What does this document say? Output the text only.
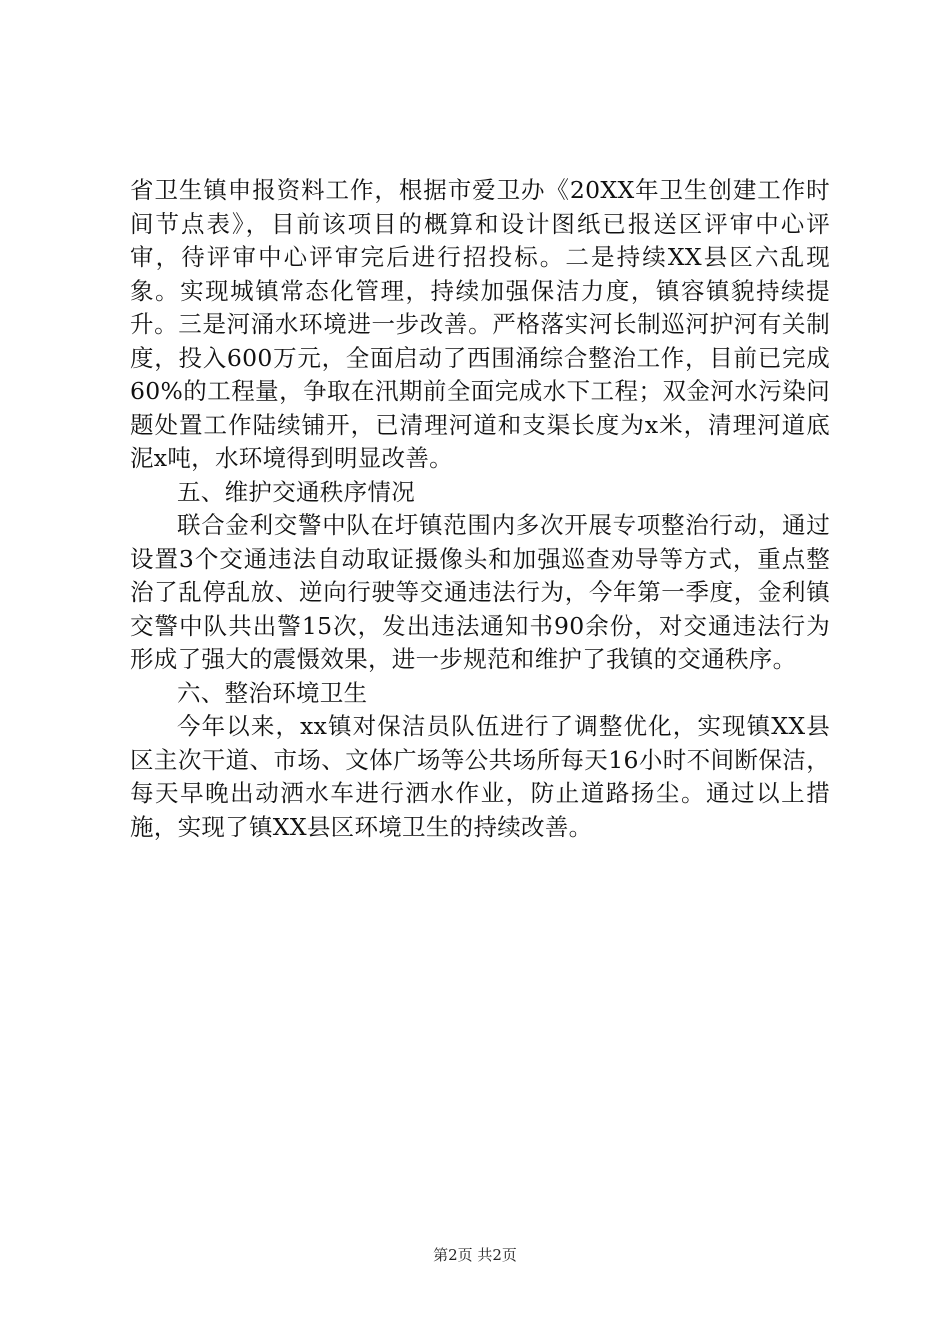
省卫生镇申报资料工作，根据市爱卫办《20XX年卫生创建工作时间节点表》，目前该项目的概算和设计图纸已报送区评审中心评审，待评审中心评审完后进行招投标。二是持续XX县区六乱现象。实现城镇常态化管理，持续加强保洁力度，镇容镇貌持续提升。三是河涌水环境进一步改善。严格落实河长制巡河护河有关制度，投入600万元，全面启动了西围涌综合整治工作，目前已完成60%的工程量，争取在汛期前全面完成水下工程；双金河水污染问题处置工作陆续铺开，已清理河道和支渠长度为x米，清理河道底泥x吨，水环境得到明显改善。

五、维护交通秩序情况

联合金利交警中队在圩镇范围内多次开展专项整治行动，通过设置3个交通违法自动取证摄像头和加强巡查劝导等方式，重点整治了乱停乱放、逆向行驶等交通违法行为，今年第一季度，金利镇交警中队共出警15次，发出违法通知书90余份，对交通违法行为形成了强大的震慑效果，进一步规范和维护了我镇的交通秩序。

六、整治环境卫生

今年以来，xx镇对保洁员队伍进行了调整优化，实现镇XX县区主次干道、市场、文体广场等公共场所每天16小时不间断保洁，每天早晚出动洒水车进行洒水作业，防止道路扬尘。通过以上措施，实现了镇XX县区环境卫生的持续改善。

第2页 共2页
